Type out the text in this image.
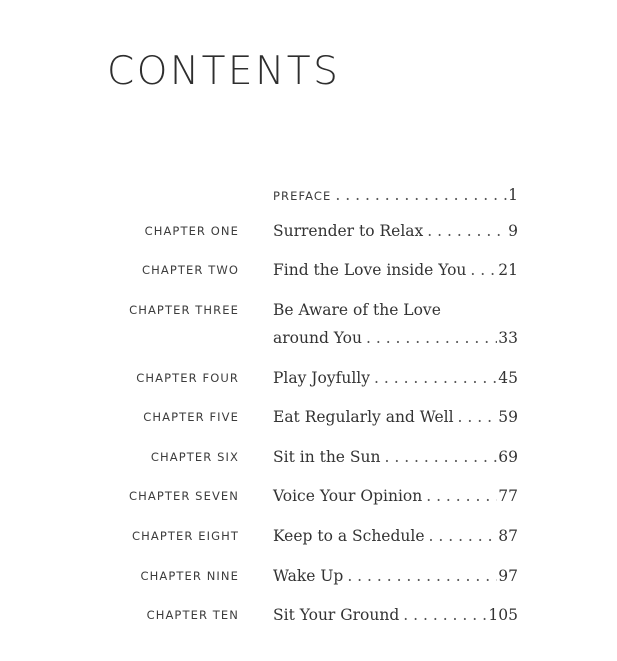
CONTENTS
PREFACE . . .	1
CHAPTER ONE Surrender to Relax . . .	9
CHAPTER TWO Find the Love inside You . . . 21
CHAPTER THREE Be Aware of the Love
around You . . .	33
CHAPTER FOUR Play Joyfully . . .	45
CHAPTER FIVE Eat Regularly and Well . . .	59
CHAPTER SIX Sit in the Sun . . .	69
CHAPTER SEVEN Voice Your Opinion . . .	77
CHAPTER EIGHT Keep to a Schedule . . .	87
CHAPTER NINE Wake Up . . .	97
CHAPTER TEN Sit Your Ground . . .	105
